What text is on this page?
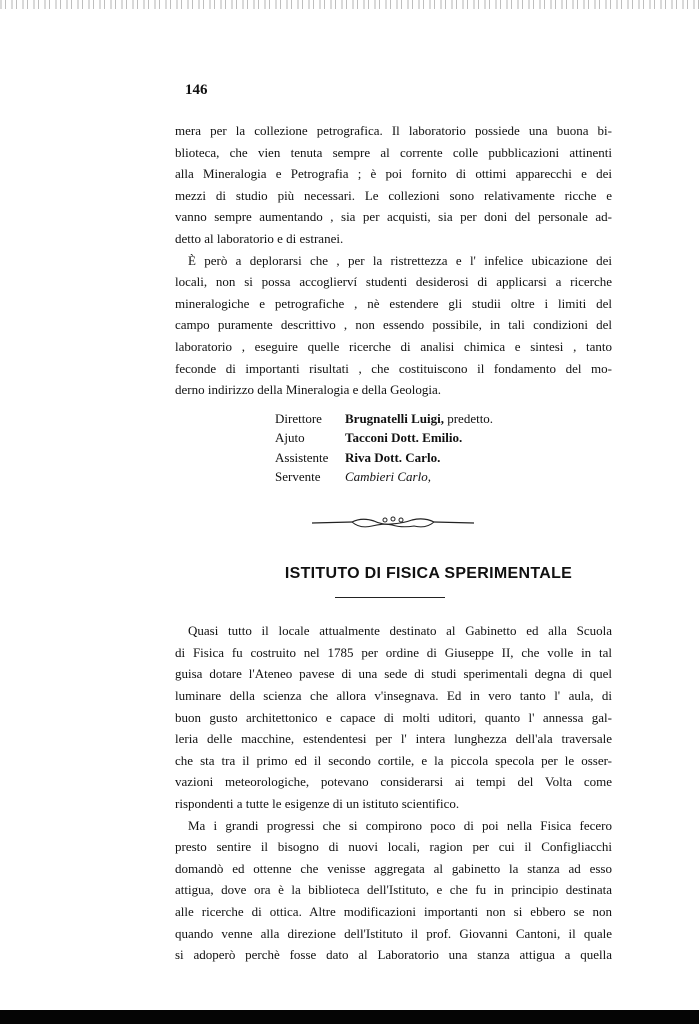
146
mera per la collezione petrografica. Il laboratorio possiede una buona bi-
blioteca, che vien tenuta sempre al corrente colle pubblicazioni attinenti
alla Mineralogia e Petrografia ; è poi fornito di ottimi apparecchi e dei
mezzi di studio più necessari. Le collezioni sono relativamente ricche e
vanno sempre aumentando , sia per acquisti, sia per doni del personale ad-
detto al laboratorio e di estranei.
È però a deplorarsi che , per la ristrettezza e l' infelice ubicazione dei
locali, non si possa accoglierví studenti desiderosi di applicarsi a ricerche
mineralogiche e petrografiche , nè estendere gli studii oltre i limiti del
campo puramente descrittivo , non essendo possibile, in tali condizioni del
laboratorio , eseguire quelle ricerche di analisi chimica e sintesi , tanto
feconde di importanti risultati , che costituiscono il fondamento del mo-
derno indirizzo della Mineralogia e della Geologia.
Direttore	Brugnatelli Luigi, predetto.
Ajuto	Tacconi Dott. Emilio.
Assistente	Riva Dott. Carlo.
Servente	Cambieri Carlo,
ISTITUTO DI FISICA SPERIMENTALE
Quasi tutto il locale attualmente destinato al Gabinetto ed alla Scuola
di Fisica fu costruito nel 1785 per ordine di Giuseppe II, che volle in tal
guisa dotare l'Ateneo pavese di una sede di studi sperimentali degna di quel
luminare della scienza che allora v'insegnava. Ed in vero tanto l' aula, di
buon gusto architettonico e capace di molti uditori, quanto l' annessa gal-
leria delle macchine, estendentesi per l' intera lunghezza dell'ala traversale
che sta tra il primo ed il secondo cortile, e la piccola specola per le osser-
vazioni meteorologiche, potevano considerarsi ai tempi del Volta come
rispondenti a tutte le esigenze di un istituto scientifico.
Ma i grandi progressi che si compirono poco di poi nella Fisica fecero
presto sentire il bisogno di nuovi locali, ragion per cui il Configliacchi
domandò ed ottenne che venisse aggregata al gabinetto la stanza ad esso
attigua, dove ora è la biblioteca dell'Istituto, e che fu in principio destinata
alle ricerche di ottica. Altre modificazioni importanti non si ebbero se non
quando venne alla direzione dell'Istituto il prof. Giovanni Cantoni, il quale
si adoperò perchè fosse dato al Laboratorio una stanza attigua a quella
